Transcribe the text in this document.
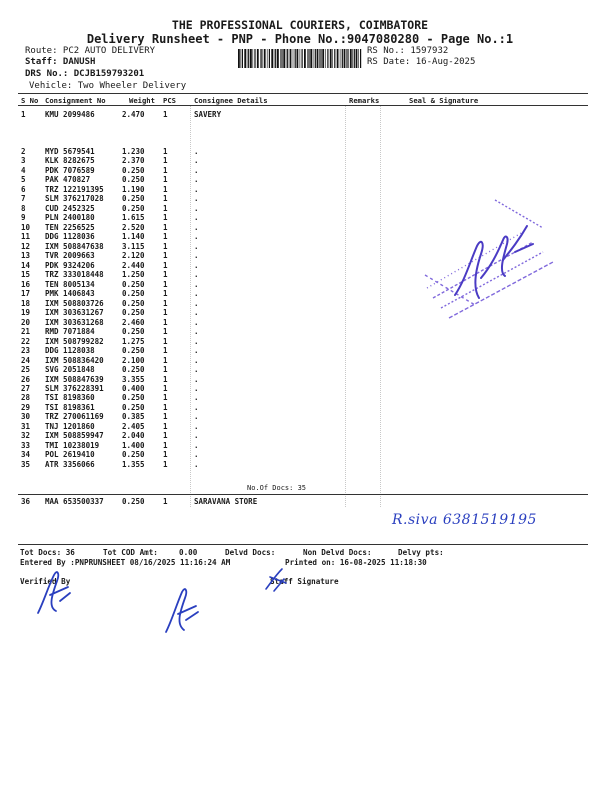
THE PROFESSIONAL COURIERS, COIMBATORE
Delivery Runsheet - PNP - Phone No.:9047080280 - Page No.:1
Route: PC2 AUTO DELIVERY
Staff: DANUSH
DRS No.: DCJB159793201
Vehicle: Two Wheeler Delivery
RS No.: 1597932
RS Date: 16-Aug-2025
S No Consignment No	Weight PCS	Consignee Details	Remarks	Seal & Signature
1	KMU 2099486	2.470 1	SAVERY
2	MYD 5679541	1.230 1	.
3	KLK 8282675	2.370 1	.
4	PDK 7076589	0.250 1	.
5	PAK 470827	0.250 1	.
6	TRZ 122191395 1.190 1	.
7	SLM 376217028 0.250 1	.
8	CUD 2452325	0.250 1	.
9	PLN 2400180	1.615 1	.
10 TEN 2256525	2.520 1	.
11 DDG 1128036	1.140 1	.
12 IXM 508847638 3.115 1	.
13 TVR 2009663	2.120 1	.
14 PDK 9324206	2.440 1	.
15 TRZ 333018448 1.250 1	.
16 TEN 8005134	0.250 1	.
17 PMK 1406843	0.250 1	.
18 IXM 508803726 0.250 1	.
19 IXM 303631267 0.250 1	.
20 IXM 303631268 2.460 1	.
21 RMD 7071884	0.250 1	.
22 IXM 508799282 1.275 1	.
23 DDG 1128038	0.250 1	.
24 IXM 508836420 2.100 1	.
25 SVG 2051848	0.250 1	.
26 IXM 508847639 3.355 1	.
27 SLM 376228391 0.400 1	.
28 TSI 8198360	0.250 1	.
29 TSI 8198361	0.250 1	.
30 TRZ 270061169 0.385 1	.
31 TNJ 1201860	2.405 1	.
32 IXM 508859947 2.040 1	.
33 TMI 10238019	1.400 1	.
34 POL 2619410	0.250 1	.
35 ATR 3356066	1.355 1	.
36 MAA 653500337 0.250 1	SARAVANA STORE
No.Of Docs: 35
Tot Docs: 36	Tot COD Amt:	0.00	Delvd Docs:	Non Delvd Docs:	Delvy pts:
Entered By :PNPRUNSHEET 08/16/2025 11:16:24 AM	Printed on: 16-08-2025 11:18:30
Verified By	Staff Signature
R.siva 6381519195
